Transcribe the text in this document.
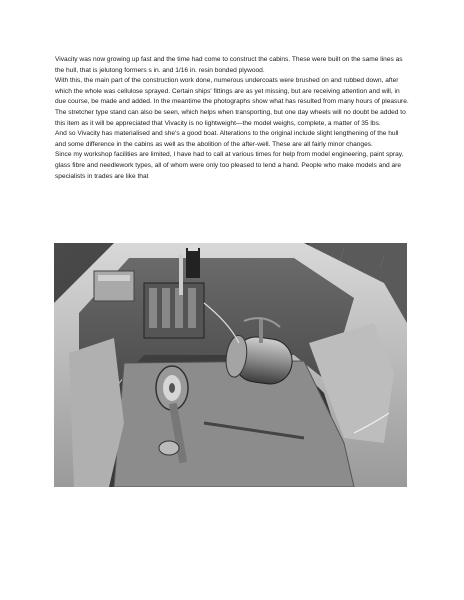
Vivacity was now growing up fast and the time had come to construct the cabins. These were built on the same lines as the hull, that is jelutong formers s in. and 1/16 in. resin bonded plywood.

With this, the main part of the construction work done, numerous undercoats were brushed on and rubbed down, after which the whole was cellulose sprayed. Certain ships' fittings are as yet missing, but are receiving attention and will, in due course, be made and added. In the meantime the photographs show what has resulted from many hours of pleasure. The stretcher type stand can also be seen, which helps when transporting, but one day wheels will no doubt be added to this item as it will be appreciated that Vivacity is no lightweight—the model weighs, complete, a matter of 35 lbs.

And so Vivacity has materialised and she's a good boat. Alterations to the original include slight lengthening of the hull and some difference in the cabins as well as the abolition of the after-well. These are all fairly minor changes.

Since my workshop facilities are limited, I have had to call at various times for help from model engineering, paint spray, glass fibre and needlework types, all of whom were only too pleased to lend a hand. People who make models and are specialists in trades are like that
